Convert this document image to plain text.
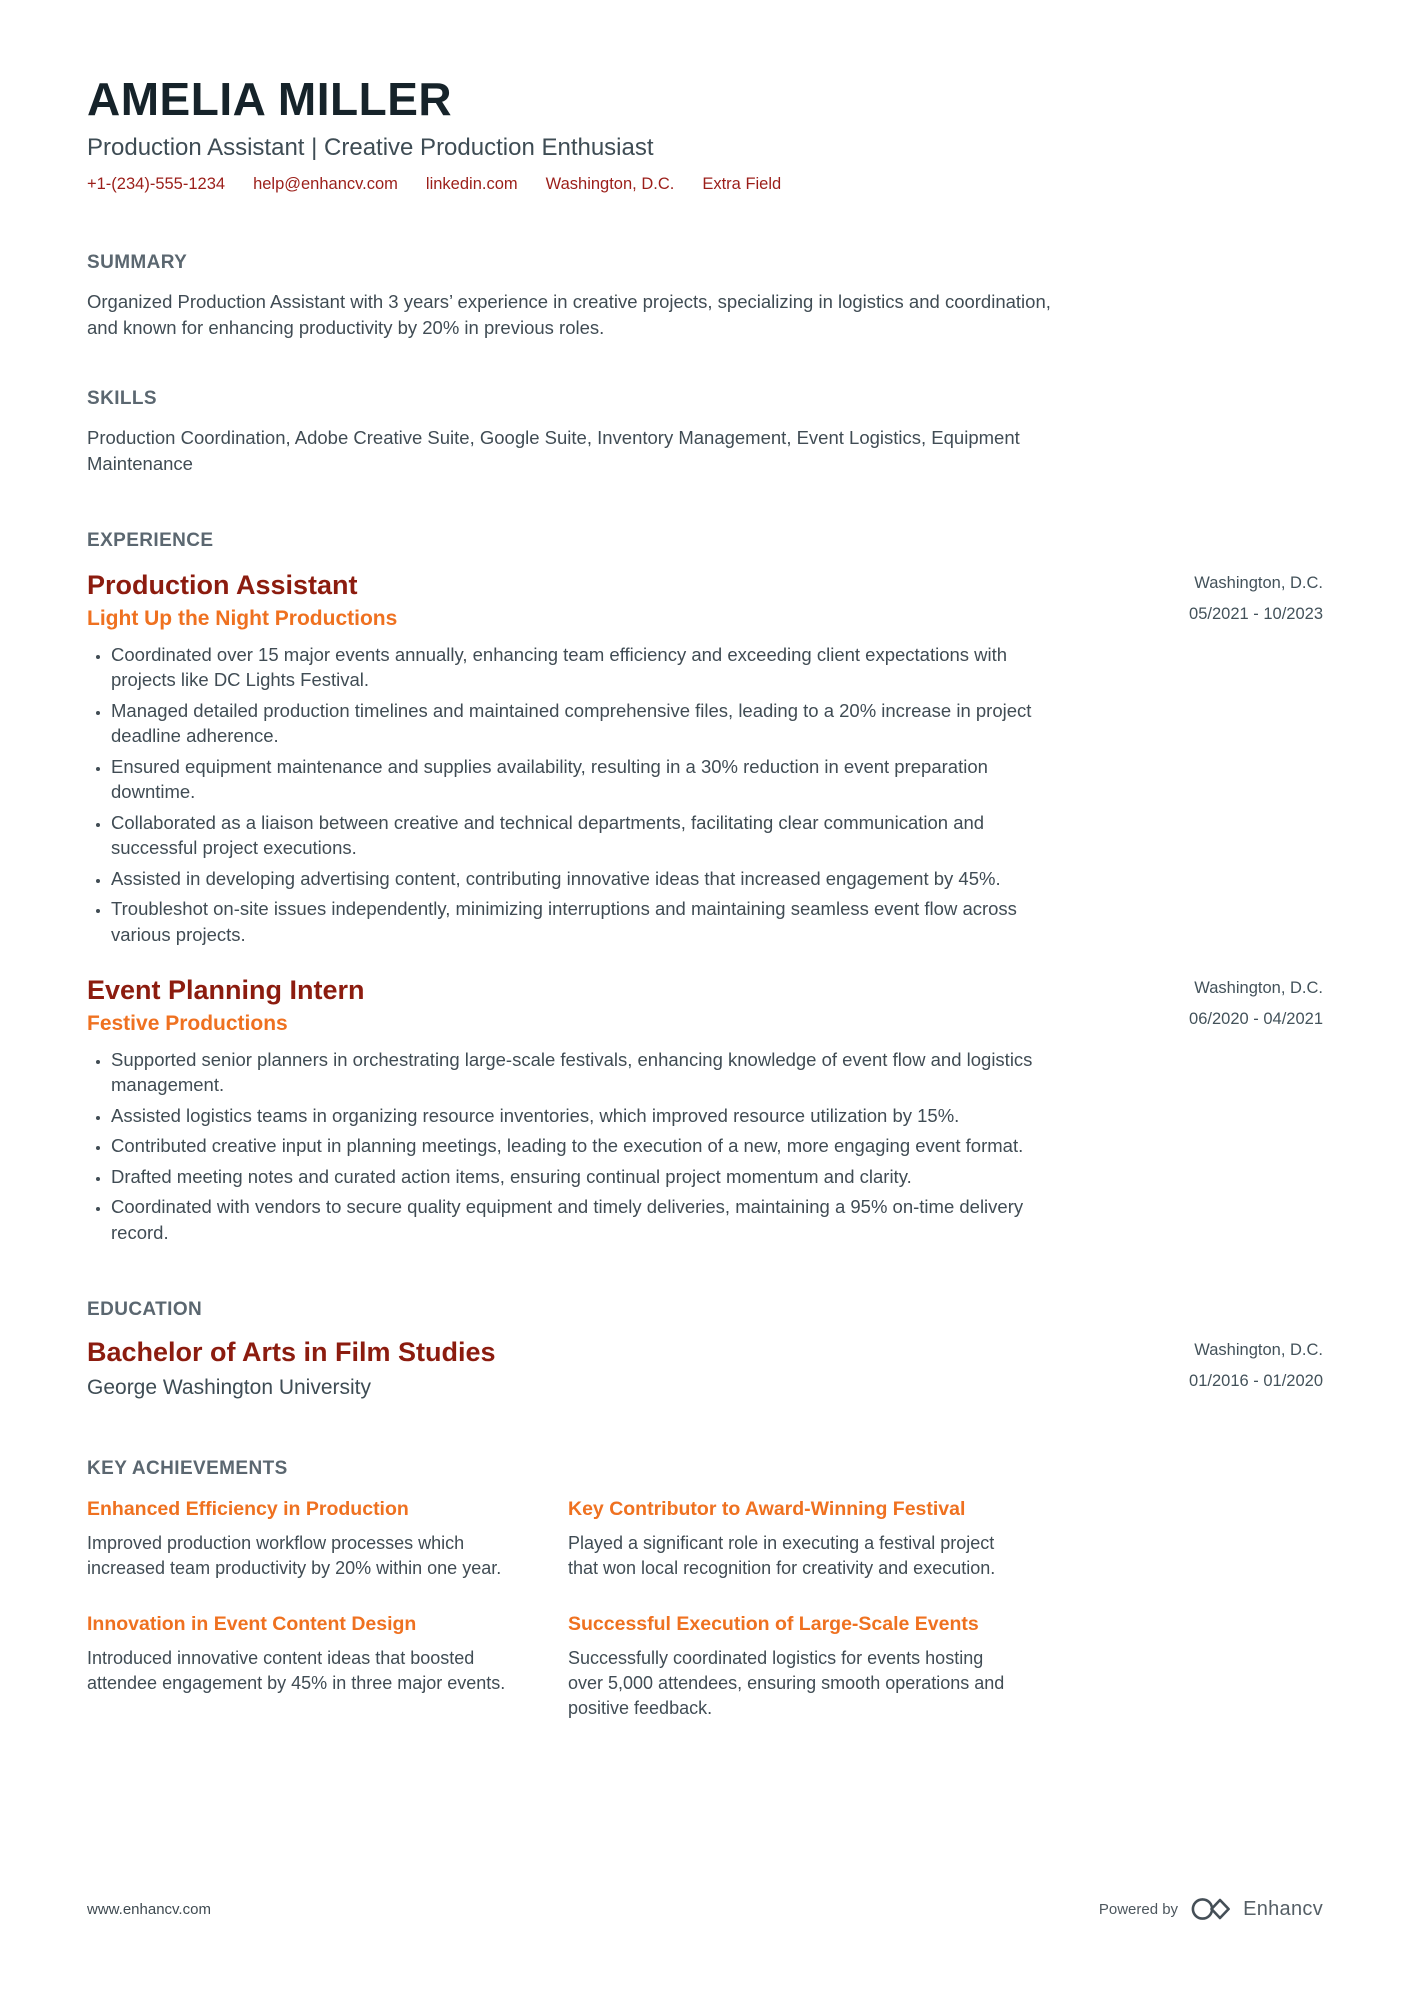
AMELIA MILLER
Production Assistant | Creative Production Enthusiast
+1-(234)-555-1234 help@enhancv.com linkedin.com Washington, D.C. Extra Field
SUMMARY

Organized Production Assistant with 3 years’ experience in creative projects, specializing in logistics and coordination, and known for enhancing productivity by 20% in previous roles.

SKILLS

Production Coordination, Adobe Creative Suite, Google Suite, Inventory Management, Event Logistics, Equipment Maintenance

EXPERIENCE
Production Assistant
Light Up the Night Productions
Washington, D.C.
05/2021 - 10/2023
• Coordinated over 15 major events annually, enhancing team efficiency and exceeding client expectations with projects like DC Lights Festival.
• Managed detailed production timelines and maintained comprehensive files, leading to a 20% increase in project deadline adherence.
• Ensured equipment maintenance and supplies availability, resulting in a 30% reduction in event preparation downtime.
• Collaborated as a liaison between creative and technical departments, facilitating clear communication and successful project executions.
• Assisted in developing advertising content, contributing innovative ideas that increased engagement by 45%.
• Troubleshot on-site issues independently, minimizing interruptions and maintaining seamless event flow across various projects.
Event Planning Intern
Festive Productions
Washington, D.C.
06/2020 - 04/2021
• Supported senior planners in orchestrating large-scale festivals, enhancing knowledge of event flow and logistics management.
• Assisted logistics teams in organizing resource inventories, which improved resource utilization by 15%.
• Contributed creative input in planning meetings, leading to the execution of a new, more engaging event format.
• Drafted meeting notes and curated action items, ensuring continual project momentum and clarity.
• Coordinated with vendors to secure quality equipment and timely deliveries, maintaining a 95% on-time delivery record.
EDUCATION
Bachelor of Arts in Film Studies
George Washington University
Washington, D.C.
01/2016 - 01/2020
KEY ACHIEVEMENTS
Enhanced Efficiency in Production

Improved production workflow processes which increased team productivity by 20% within one year.

Key Contributor to Award-Winning Festival

Played a significant role in executing a festival project that won local recognition for creativity and execution.

Innovation in Event Content Design

Introduced innovative content ideas that boosted attendee engagement by 45% in three major events.

Successful Execution of Large-Scale Events

Successfully coordinated logistics for events hosting over 5,000 attendees, ensuring smooth operations and positive feedback.

www.enhancv.com	Powered by	Enhancv
